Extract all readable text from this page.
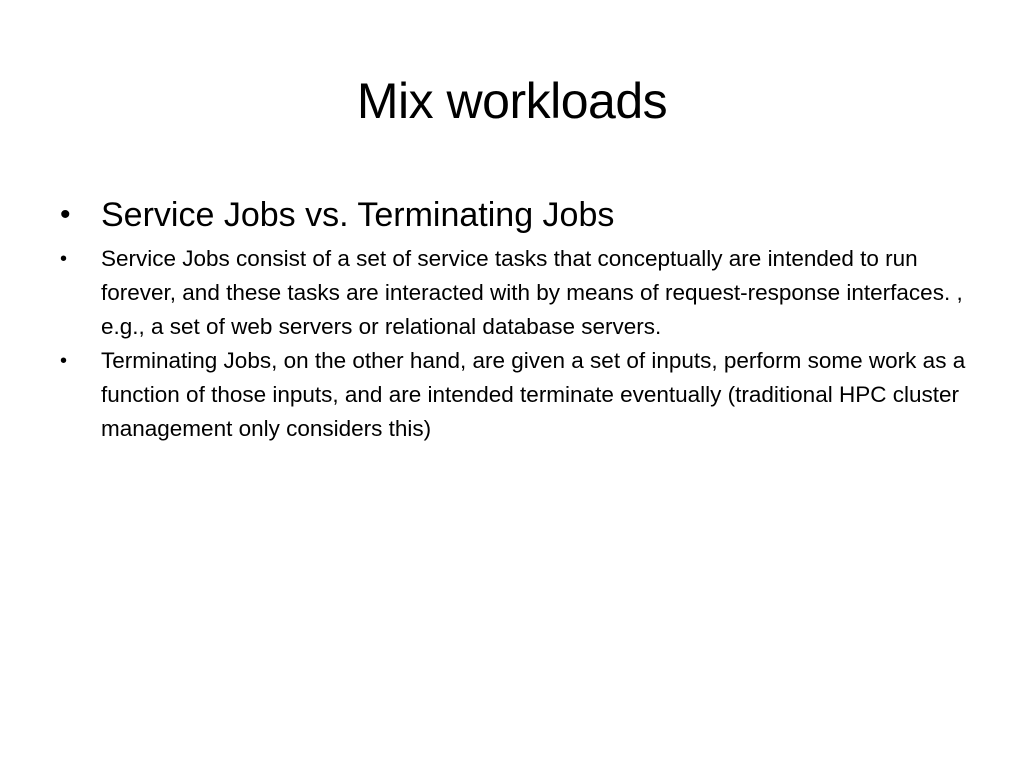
Mix workloads
• Service Jobs vs. Terminating Jobs
• Service Jobs consist of a set of service tasks that conceptually are intended to run forever, and these tasks are interacted with by means of request-response interfaces. , e.g., a set of web servers or relational database servers.
• Terminating Jobs, on the other hand, are given a set of inputs, perform some work as a function of those inputs, and are intended terminate eventually (traditional HPC cluster management only considers this)
